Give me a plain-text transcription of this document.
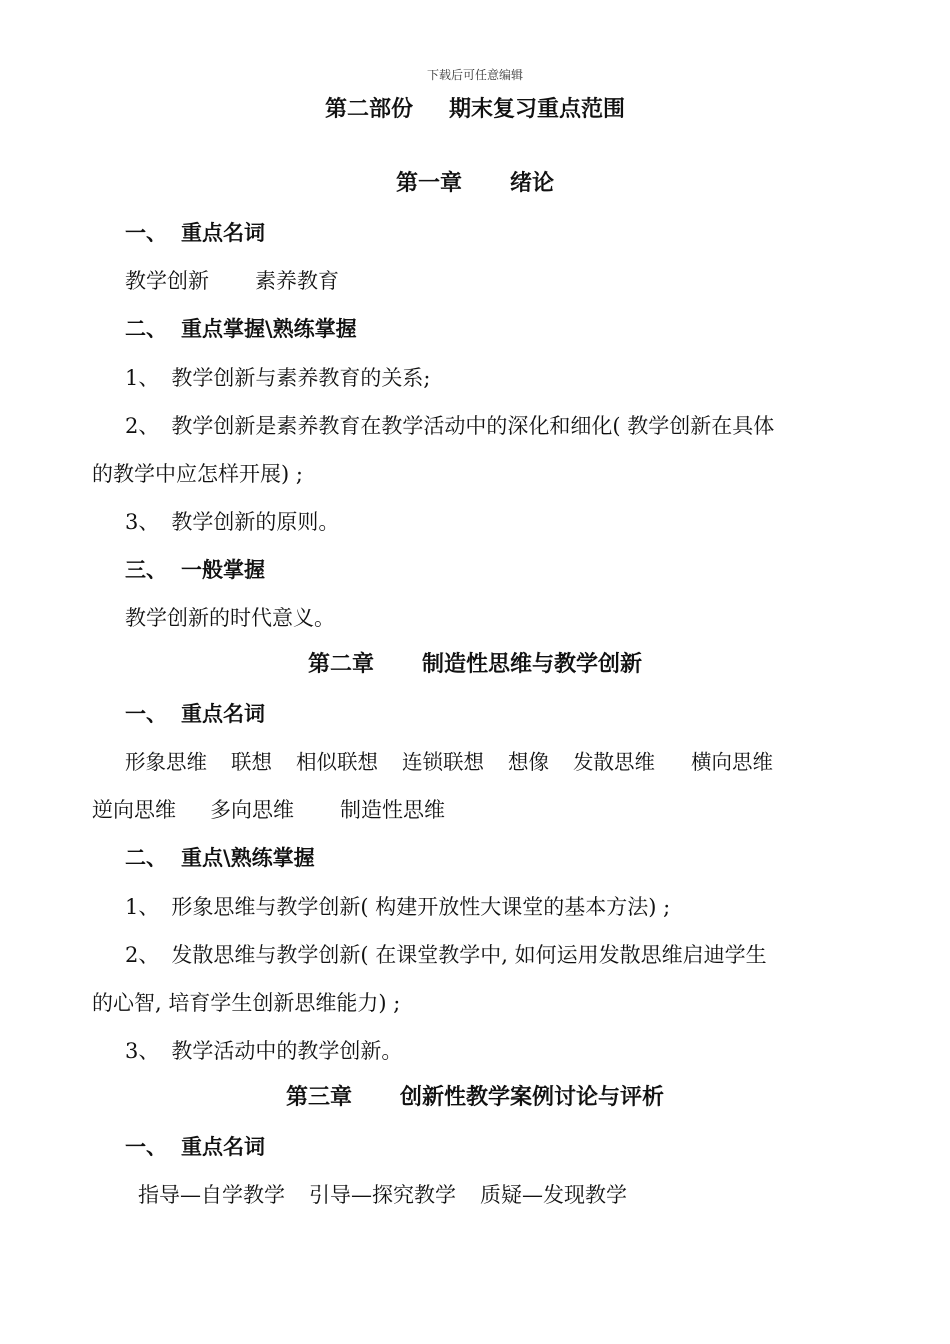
下载后可任意编辑
第二部份 期末复习重点范围
第一章 绪论
一、 重点名词
教学创新 素养教育
二、 重点掌握\熟练掌握
1、 教学创新与素养教育的关系;
2、 教学创新是素养教育在教学活动中的深化和细化( 教学创新在具体
的教学中应怎样开展) ;
3、 教学创新的原则。
三、 一般掌握
教学创新的时代意义。
第二章 制造性思维与教学创新
一、 重点名词
形象思维 联想 相似联想 连锁联想 想像 发散思维 横向思维
逆向思维 多向思维 制造性思维
二、 重点\熟练掌握
1、 形象思维与教学创新( 构建开放性大课堂的基本方法) ;
2、 发散思维与教学创新( 在课堂教学中, 如何运用发散思维启迪学生
的心智, 培育学生创新思维能力) ;
3、 教学活动中的教学创新。
第三章 创新性教学案例讨论与评析
一、 重点名词
指导—自学教学 引导—探究教学 质疑—发现教学
